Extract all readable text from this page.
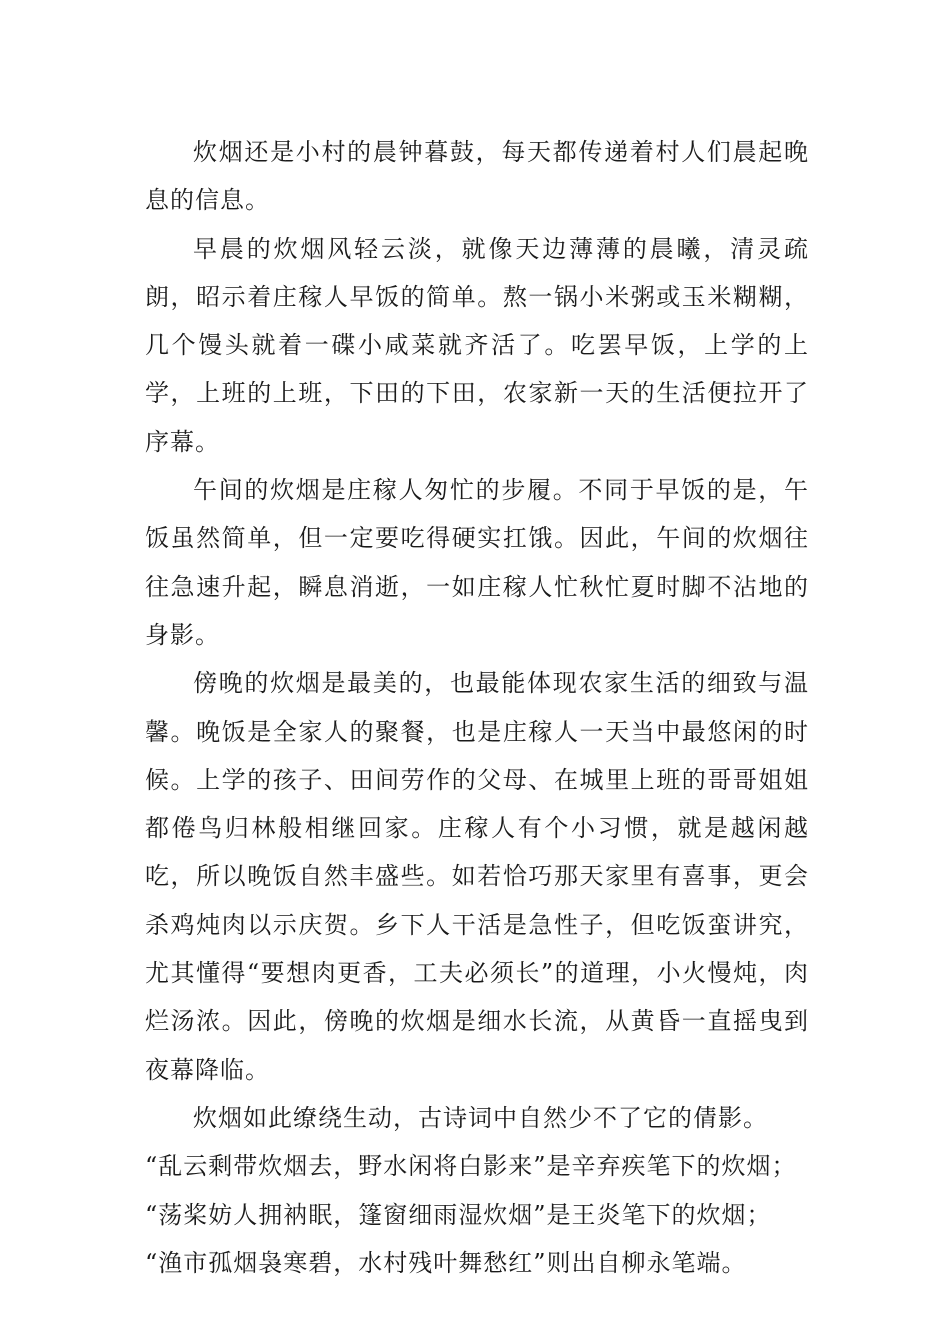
炊烟还是小村的晨钟暮鼓，每天都传递着村人们晨起晚息的信息。

早晨的炊烟风轻云淡，就像天边薄薄的晨曦，清灵疏朗，昭示着庄稼人早饭的简单。熬一锅小米粥或玉米糊糊，几个馒头就着一碟小咸菜就齐活了。吃罢早饭，上学的上学，上班的上班，下田的下田，农家新一天的生活便拉开了序幕。

午间的炊烟是庄稼人匆忙的步履。不同于早饭的是，午饭虽然简单，但一定要吃得硬实扛饿。因此，午间的炊烟往往急速升起，瞬息消逝，一如庄稼人忙秋忙夏时脚不沾地的身影。

傍晚的炊烟是最美的，也最能体现农家生活的细致与温馨。晚饭是全家人的聚餐，也是庄稼人一天当中最悠闲的时候。上学的孩子、田间劳作的父母、在城里上班的哥哥姐姐都倦鸟归林般相继回家。庄稼人有个小习惯，就是越闲越吃，所以晚饭自然丰盛些。如若恰巧那天家里有喜事，更会杀鸡炖肉以示庆贺。乡下人干活是急性子，但吃饭蛮讲究，尤其懂得“要想肉更香，工夫必须长”的道理，小火慢炖，肉烂汤浓。因此，傍晚的炊烟是细水长流，从黄昏一直摇曳到夜幕降临。

炊烟如此缭绕生动，古诗词中自然少不了它的倩影。

“乱云剩带炊烟去，野水闲将白影来”是辛弃疾笔下的炊烟；

“荡桨妨人拥衲眠，篷窗细雨湿炊烟”是王炎笔下的炊烟；

“渔市孤烟袅寒碧，水村残叶舞愁红”则出自柳永笔端。
